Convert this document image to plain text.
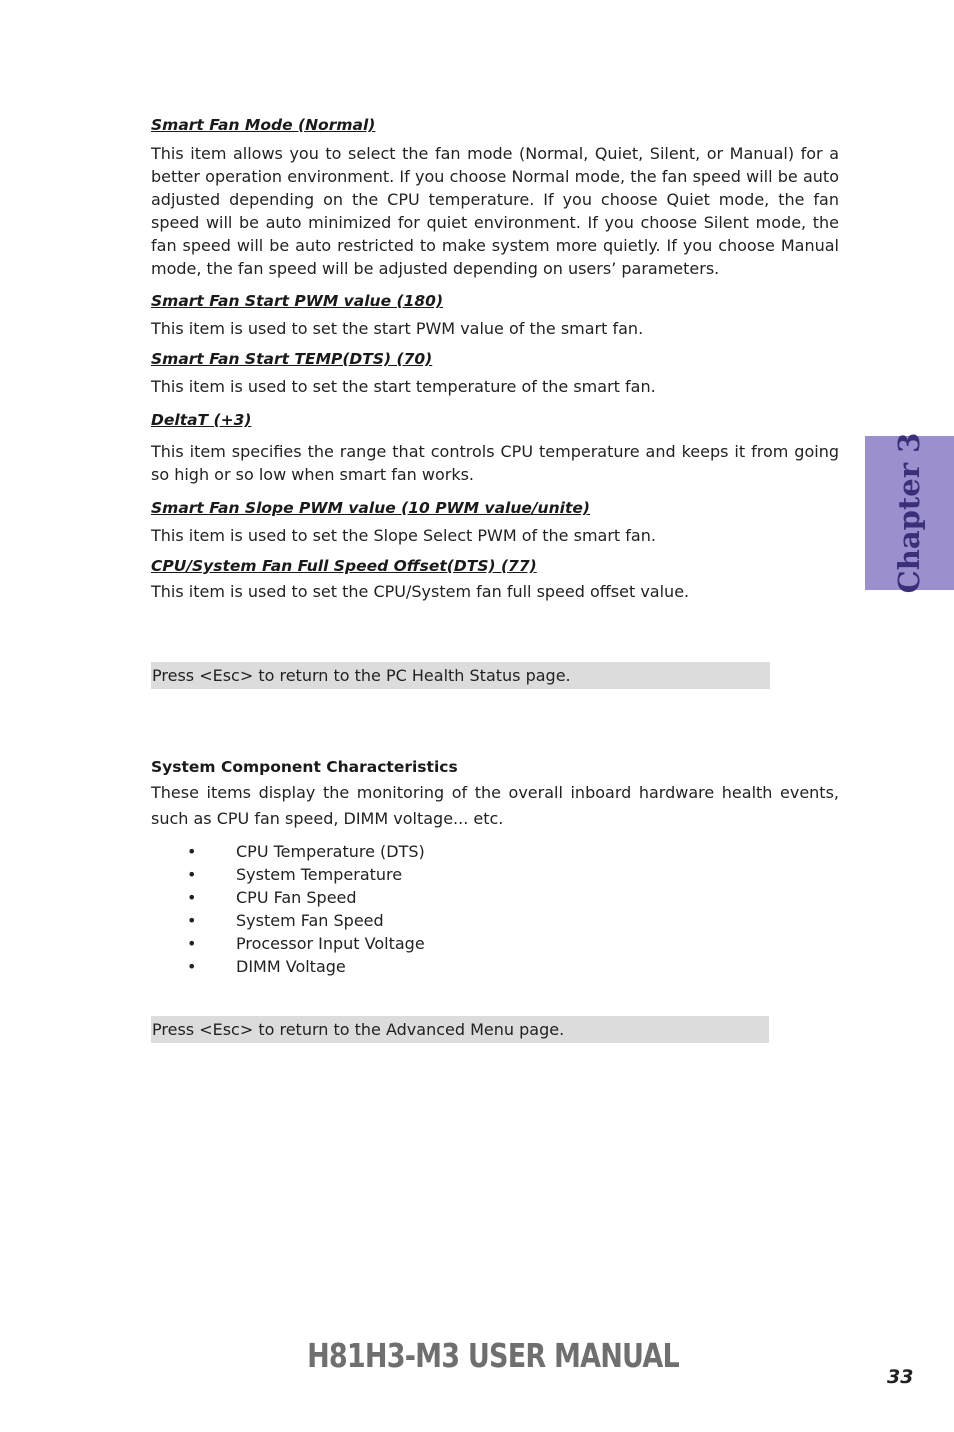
Smart Fan Mode (Normal)

This item allows you to select the fan mode (Normal, Quiet, Silent, or Manual) for a better operation environment. If you choose Normal mode, the fan speed will be auto adjusted depending on the CPU temperature. If you choose Quiet mode, the fan speed will be auto minimized for quiet environment. If you choose Silent mode, the fan speed will be auto restricted to make system more quietly. If you choose Manual mode, the fan speed will be adjusted depending on users’ parameters.

Smart Fan Start PWM value (180)

This item is used to set the start PWM value of the smart fan.

Smart Fan Start TEMP(DTS) (70)

This item is used to set the start temperature of the smart fan.

DeltaT (+3)

This item specifies the range that controls CPU temperature and keeps it from going so high or so low when smart fan works.

Smart Fan Slope PWM value (10 PWM value/unite)

This item is used to set the Slope Select PWM of the smart fan.

CPU/System Fan Full Speed Offset(DTS) (77)

This item is used to set the CPU/System fan full speed offset value.

Press <Esc> to return to the PC Health Status page.

System Component Characteristics

These items display the monitoring of the overall inboard hardware health events, such as CPU fan speed, DIMM voltage... etc.

• CPU Temperature (DTS)
• System Temperature
• CPU Fan Speed
• System Fan Speed
• Processor Input Voltage
• DIMM Voltage
Press <Esc> to return to the Advanced Menu page.
Chapter 3
H81H3-M3 USER MANUAL
33
